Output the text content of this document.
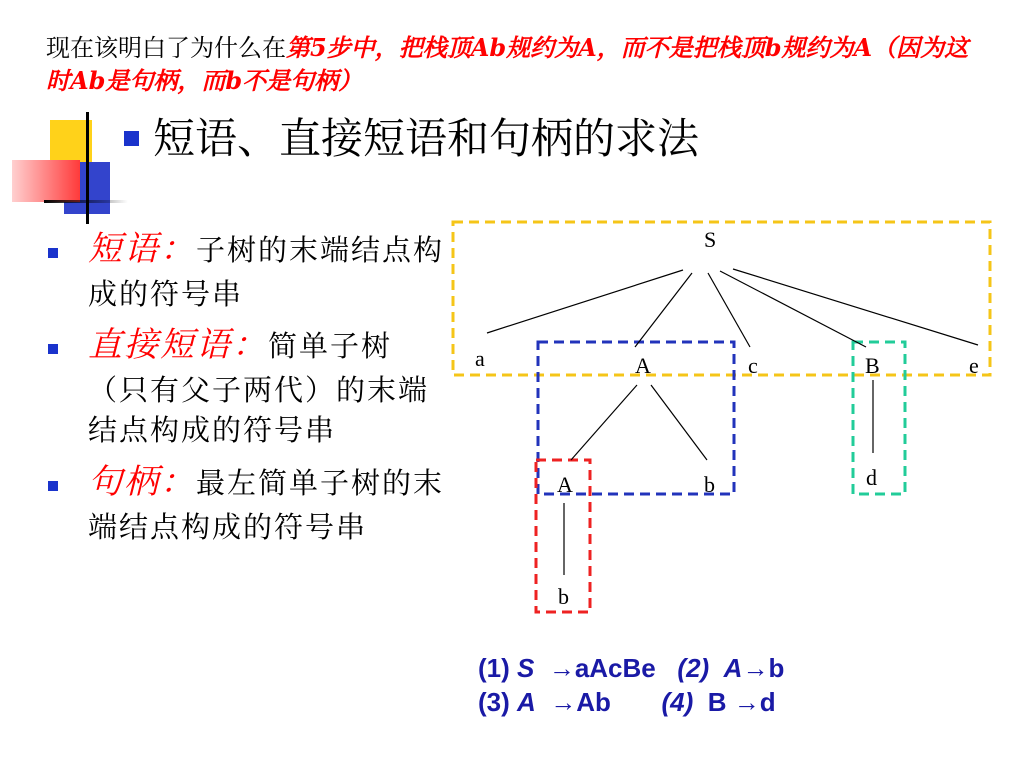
现在该明白了为什么在第5步中，把栈顶Ab规约为A，而不是把栈顶b规约为A（因为这时Ab是句柄，而b不是句柄）
短语、直接短语和句柄的求法
短语：子树的末端结点构成的符号串
直接短语：简单子树（只有父子两代）的末端结点构成的符号串
句柄：最左简单子树的末端结点构成的符号串
S
a	A	c	B	e
A	b	d
b
(1) S →aAcBe (2) A→b
(3) A →Ab (4) B →d
